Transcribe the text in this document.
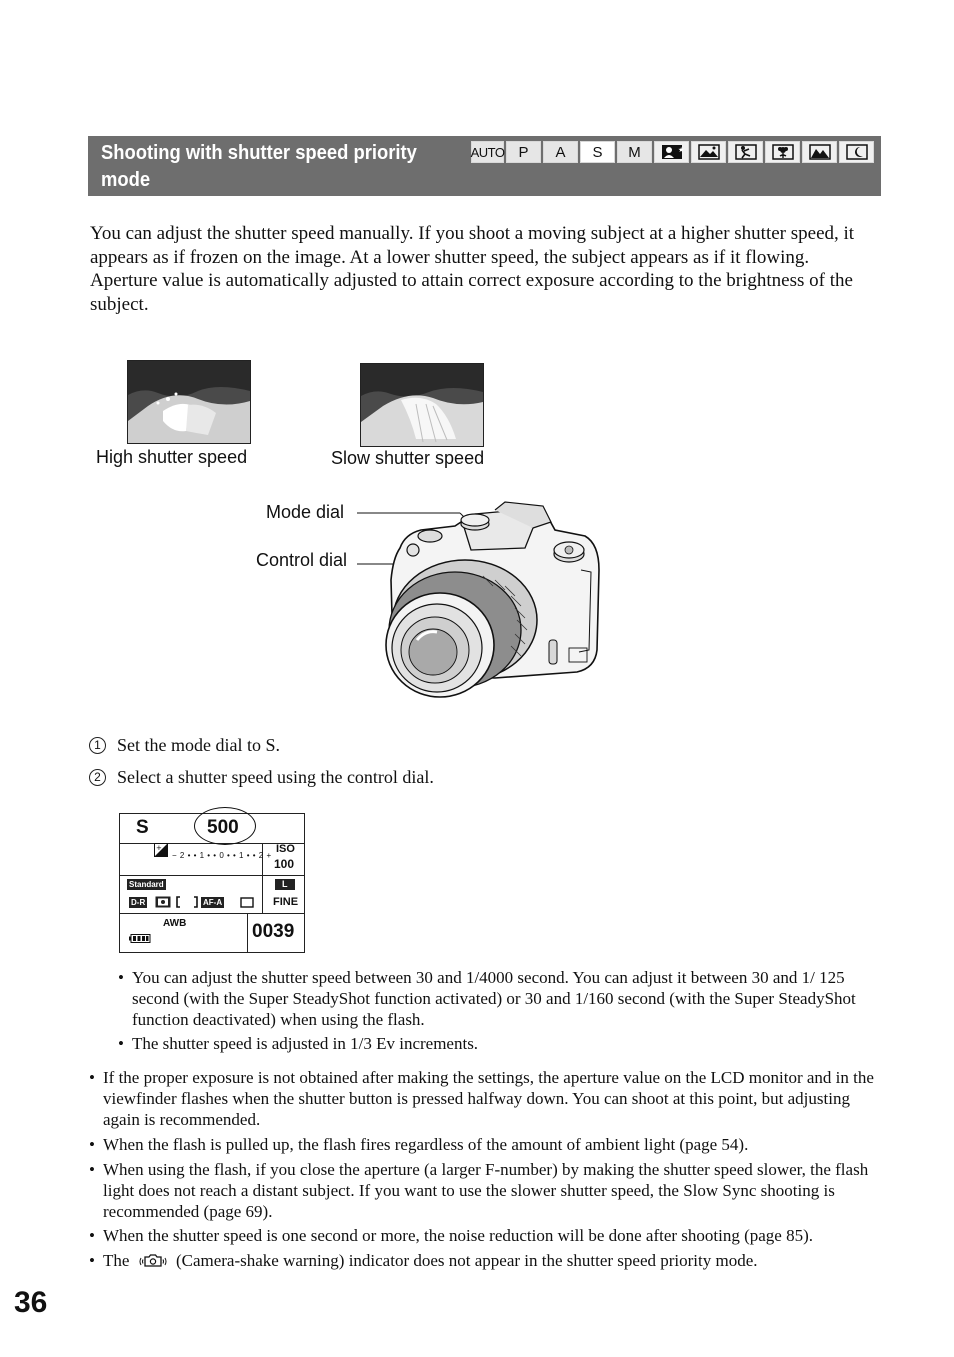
Shooting with shutter speed priority mode
AUTO P	A	S	M	★

You can adjust the shutter speed manually. If you shoot a moving subject at a higher shutter speed, it appears as if frozen on the image. At a lower shutter speed, the subject appears as if it flowing.

Aperture value is automatically adjusted to attain correct exposure according to the brightness of the subject.

High shutter speed	Slow shutter speed
Mode dial
Control dial
1 Set the mode dial to S.
2 Select a shutter speed using the control dial.
S	500
+
− 2 • • 1 • • 0 • • 1 • • 2 +
ISO
100
Standard
D-R	AF-A
L
FINE
AWB	0039
• You can adjust the shutter speed between 30 and 1/4000 second. You can adjust it between 30 and 1/ 125 second (with the Super SteadyShot function activated) or 30 and 1/160 second (with the Super SteadyShot function deactivated) when using the flash.
• The shutter speed is adjusted in 1/3 Ev increments.
• If the proper exposure is not obtained after making the settings, the aperture value on the LCD monitor and in the viewfinder flashes when the shutter button is pressed halfway down. You can shoot at this point, but adjusting again is recommended.
• When the flash is pulled up, the flash fires regardless of the amount of ambient light (page 54).
• When using the flash, if you close the aperture (a larger F-number) by making the shutter speed slower, the flash light does not reach a distant subject. If you want to use the slower shutter speed, the Slow Sync shooting is recommended (page 69).
• When the shutter speed is one second or more, the noise reduction will be done after shooting (page 85).
• The	(Camera-shake warning) indicator does not appear in the shutter speed priority mode.
36
